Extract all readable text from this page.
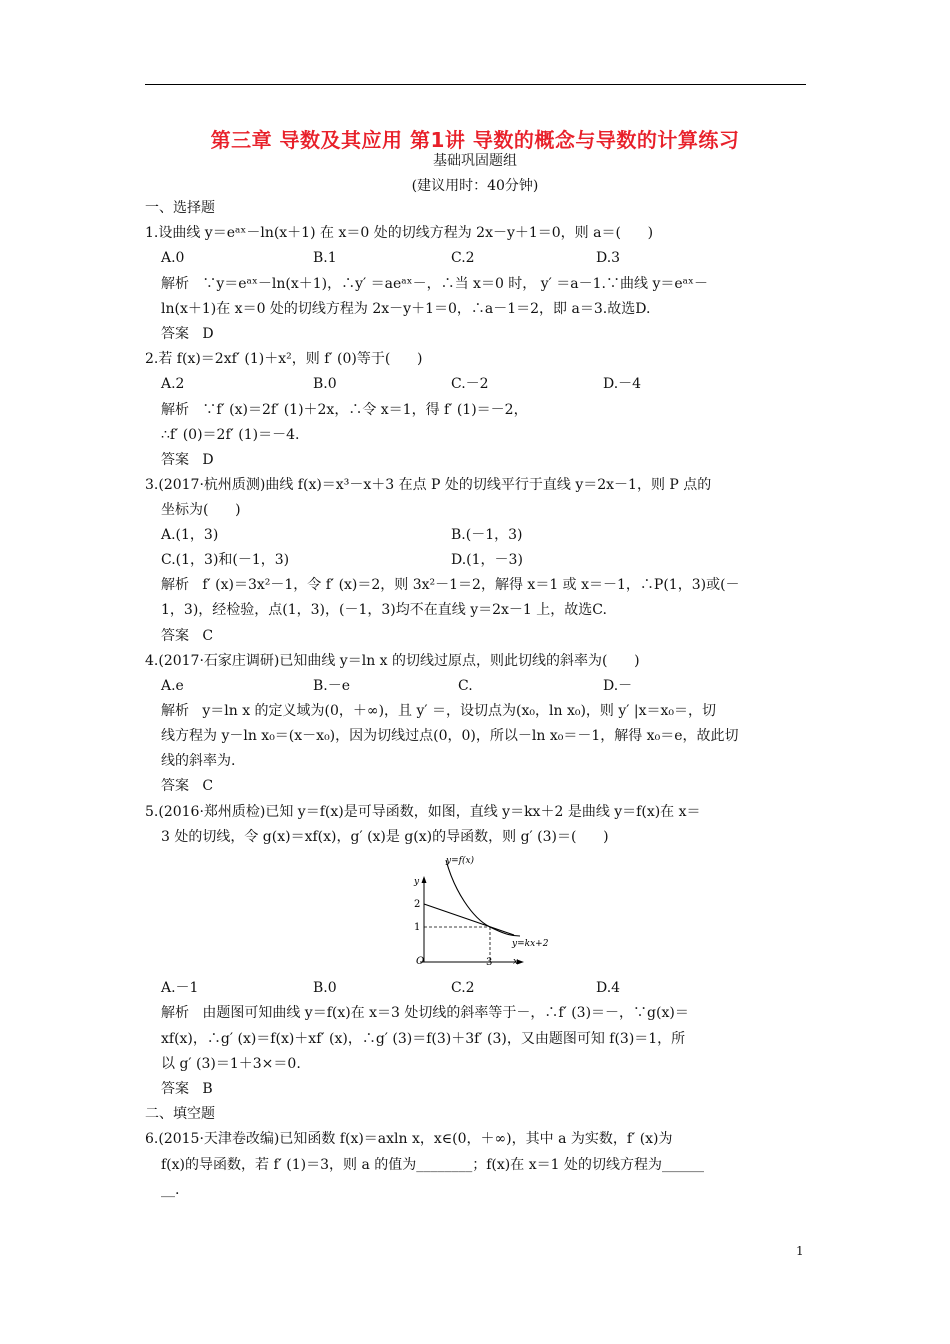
第三章 导数及其应用 第1讲 导数的概念与导数的计算练习
基础巩固题组
(建议用时：40分钟)
一、选择题
1.设曲线 y＝eᵃˣ－ln(x＋1) 在 x＝0 处的切线方程为 2x－y＋1＝0，则 a＝(      )
A.0	B.1	C.2	D.3
解析   ∵y＝eᵃˣ－ln(x＋1)，∴y′ ＝aeᵃˣ－，∴当 x＝0 时， y′ ＝a－1.∵曲线 y＝eᵃˣ－
ln(x＋1)在 x＝0 处的切线方程为 2x－y＋1＝0，∴a－1＝2，即 a＝3.故选D.
答案   D
2.若 f(x)＝2xf′ (1)＋x²，则 f′ (0)等于(      )
A.2	B.0	C.－2	D.－4
解析   ∵f′ (x)＝2f′ (1)＋2x，∴令 x＝1，得 f′ (1)＝－2，
∴f′ (0)＝2f′ (1)＝－4.
答案   D
3.(2017·杭州质测)曲线 f(x)＝x³－x＋3 在点 P 处的切线平行于直线 y＝2x－1，则 P 点的
坐标为(      )
A.(1，3)	B.(－1，3)
C.(1，3)和(－1，3)	D.(1，－3)
解析   f′ (x)＝3x²－1，令 f′ (x)＝2，则 3x²－1＝2，解得 x＝1 或 x＝－1，∴P(1，3)或(－
1，3)，经检验，点(1，3)，(－1，3)均不在直线 y＝2x－1 上，故选C.
答案   C
4.(2017·石家庄调研)已知曲线 y＝ln x 的切线过原点，则此切线的斜率为(      )
A.e	B.－e	C.	D.－
解析   y＝ln x 的定义域为(0，＋∞)，且 y′ ＝，设切点为(x₀，ln x₀)，则 y′ |x＝x₀＝，切
线方程为 y－ln x₀＝(x－x₀)，因为切线过点(0，0)，所以－ln x₀＝－1，解得 x₀＝e，故此切
线的斜率为.
答案   C
5.(2016·郑州质检)已知 y＝f(x)是可导函数，如图，直线 y＝kx＋2 是曲线 y＝f(x)在 x＝
3 处的切线，令 g(x)＝xf(x)，g′ (x)是 g(x)的导函数，则 g′ (3)＝(      )
y=f(x)
y
2
1
O	3 x
y=kx+2
A.－1	B.0	C.2	D.4
解析   由题图可知曲线 y＝f(x)在 x＝3 处切线的斜率等于－，∴f′ (3)＝－，∵g(x)＝
xf(x)，∴g′ (x)＝f(x)＋xf′ (x)，∴g′ (3)＝f(3)＋3f′ (3)，又由题图可知 f(3)＝1，所
以 g′ (3)＝1＋3×＝0.
答案   B
二、填空题
6.(2015·天津卷改编)已知函数 f(x)＝axln x，x∈(0，＋∞)，其中 a 为实数，f′ (x)为
f(x)的导函数，若 f′ (1)＝3，则 a 的值为________；f(x)在 x＝1 处的切线方程为______
__.
1
